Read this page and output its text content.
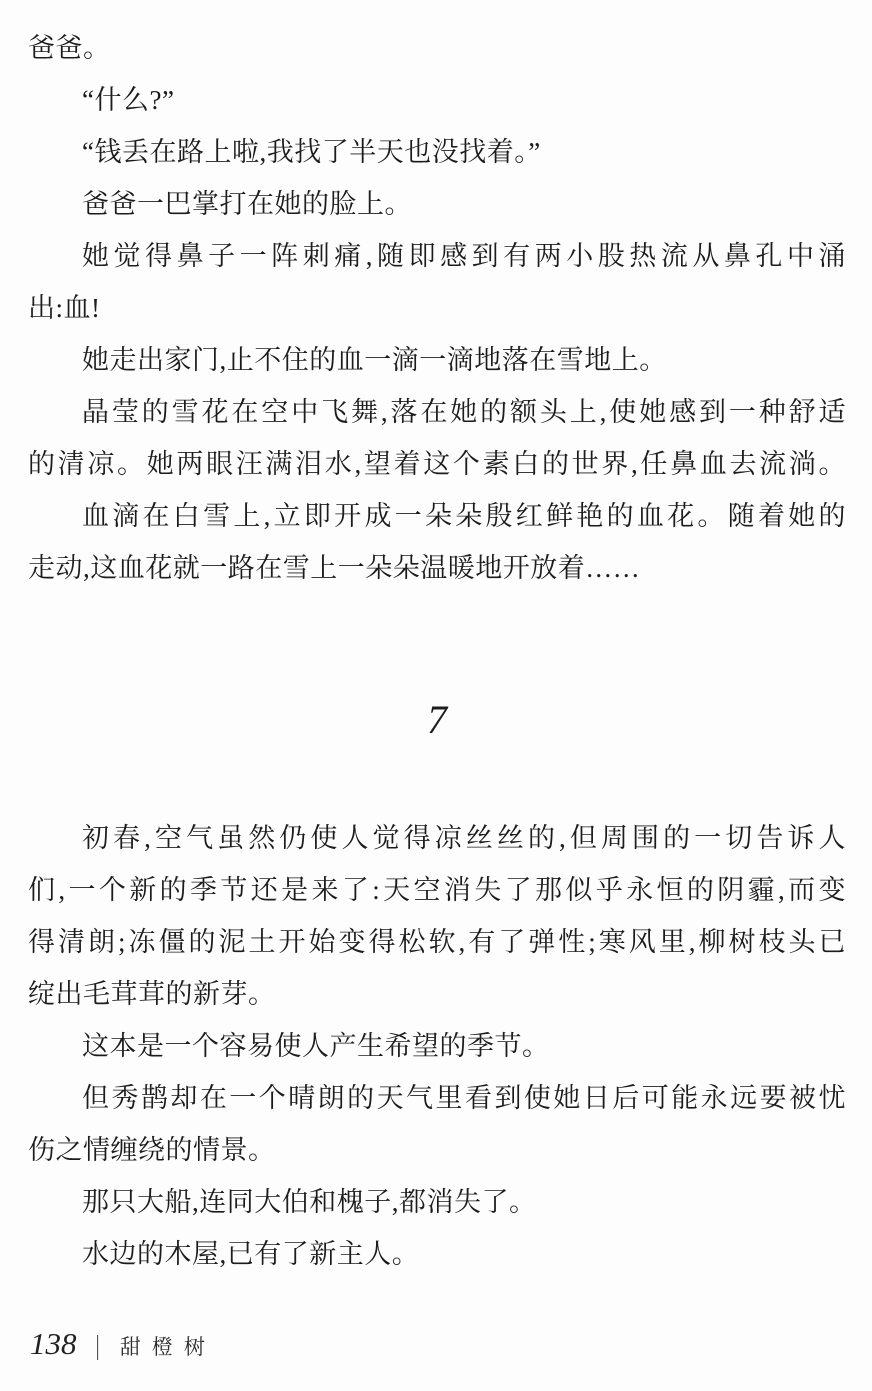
爸爸。

“什么?”

“钱丢在路上啦,我找了半天也没找着。”

爸爸一巴掌打在她的脸上。

她觉得鼻子一阵刺痛,随即感到有两小股热流从鼻孔中涌

出:血!

她走出家门,止不住的血一滴一滴地落在雪地上。

晶莹的雪花在空中飞舞,落在她的额头上,使她感到一种舒适

的清凉。她两眼汪满泪水,望着这个素白的世界,任鼻血去流淌。

血滴在白雪上,立即开成一朵朵殷红鲜艳的血花。随着她的

走动,这血花就一路在雪上一朵朵温暖地开放着……

7

初春,空气虽然仍使人觉得凉丝丝的,但周围的一切告诉人

们,一个新的季节还是来了:天空消失了那似乎永恒的阴霾,而变

得清朗;冻僵的泥土开始变得松软,有了弹性;寒风里,柳树枝头已

绽出毛茸茸的新芽。

这本是一个容易使人产生希望的季节。

但秀鹊却在一个晴朗的天气里看到使她日后可能永远要被忧

伤之情缠绕的情景。

那只大船,连同大伯和槐子,都消失了。

水边的木屋,已有了新主人。

138 | 甜橙树
